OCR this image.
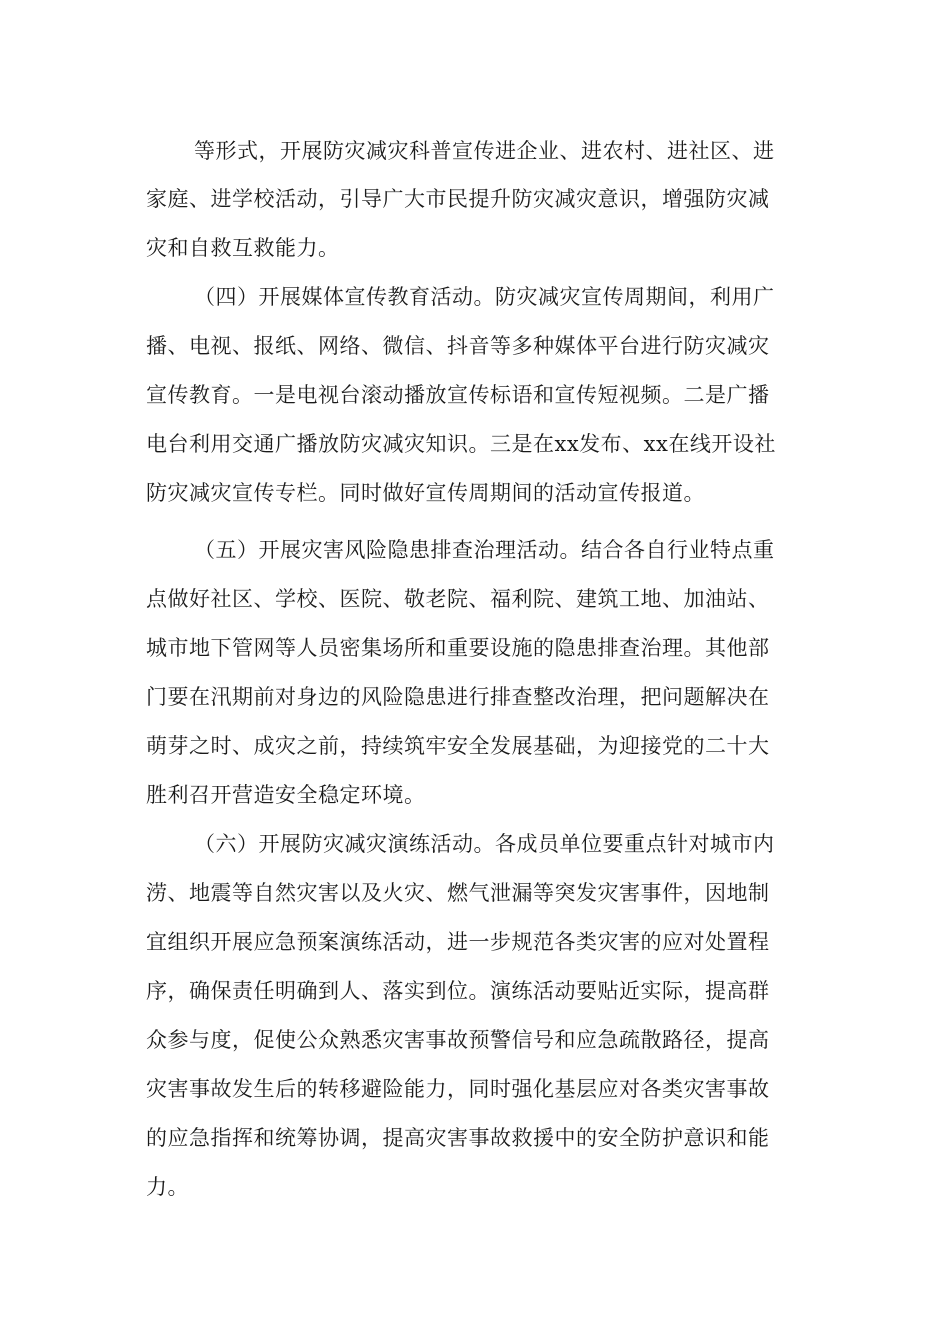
等形式，开展防灾减灾科普宣传进企业、进农村、进社区、进
家庭、进学校活动，引导广大市民提升防灾减灾意识，增强防灾减
灾和自救互救能力。
（四）开展媒体宣传教育活动。防灾减灾宣传周期间，利用广
播、电视、报纸、网络、微信、抖音等多种媒体平台进行防灾减灾
宣传教育。一是电视台滚动播放宣传标语和宣传短视频。二是广播
电台利用交通广播放防灾减灾知识。三是在xx发布、xx在线开设社
防灾减灾宣传专栏。同时做好宣传周期间的活动宣传报道。
（五）开展灾害风险隐患排查治理活动。结合各自行业特点重
点做好社区、学校、医院、敬老院、福利院、建筑工地、加油站、
城市地下管网等人员密集场所和重要设施的隐患排查治理。其他部
门要在汛期前对身边的风险隐患进行排查整改治理，把问题解决在
萌芽之时、成灾之前，持续筑牢安全发展基础，为迎接党的二十大
胜利召开营造安全稳定环境。
（六）开展防灾减灾演练活动。各成员单位要重点针对城市内
涝、地震等自然灾害以及火灾、燃气泄漏等突发灾害事件，因地制
宜组织开展应急预案演练活动，进一步规范各类灾害的应对处置程
序，确保责任明确到人、落实到位。演练活动要贴近实际，提高群
众参与度，促使公众熟悉灾害事故预警信号和应急疏散路径，提高
灾害事故发生后的转移避险能力，同时强化基层应对各类灾害事故
的应急指挥和统筹协调，提高灾害事故救援中的安全防护意识和能
力。
